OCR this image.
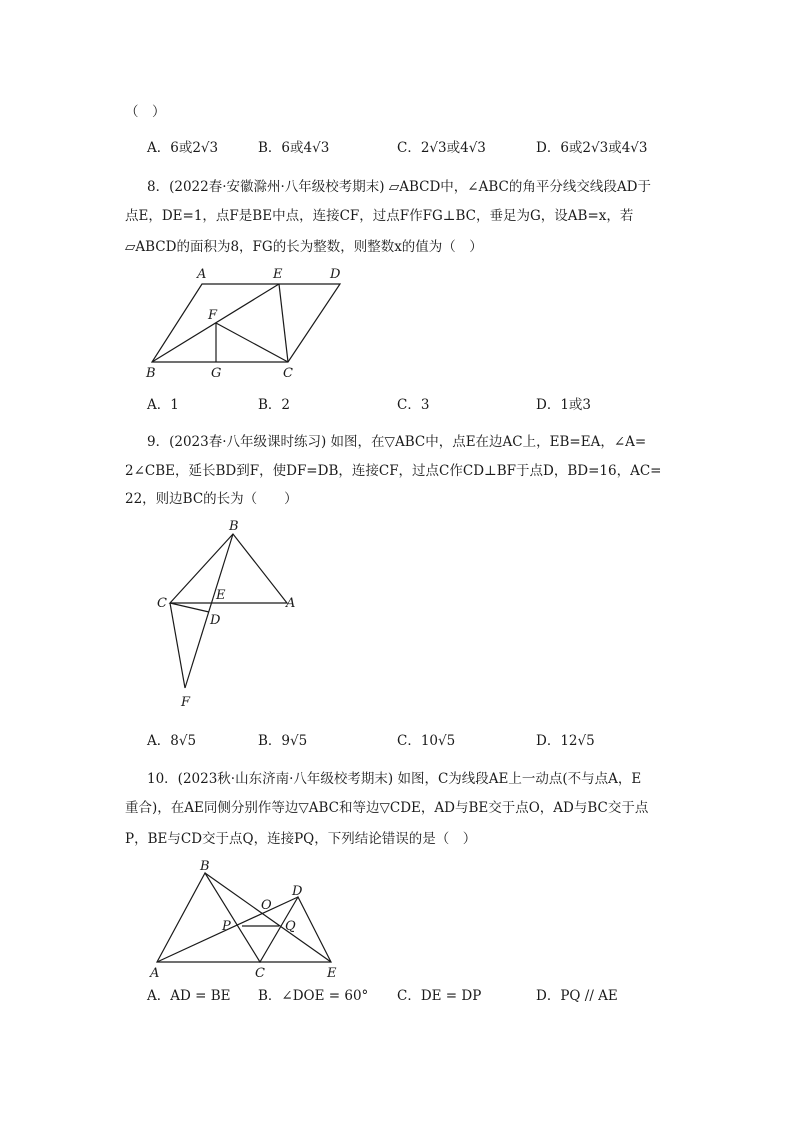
（　）
A．6或2√3	B．6或4√3	C．2√3或4√3	D．6或2√3或4√3
8．(2022春·安徽滁州·八年级校考期末) ▱ABCD中，∠ABC的角平分线交线段AD于
点E，DE=1，点F是BE中点，连接CF，过点F作FG⊥BC，垂足为G，设AB=x，若
▱ABCD的面积为8，FG的长为整数，则整数x的值为（　）
A	E	D
F
B	G	C
A．1	B．2	C．3	D．1或3
9．(2023春·八年级课时练习) 如图，在▽ABC中，点E在边AC上，EB=EA，∠A=
2∠CBE，延长BD到F，使DF=DB，连接CF，过点C作CD⊥BF于点D，BD=16，AC=
22，则边BC的长为（　　）
B
C
E
A
D
F
A．8√5	B．9√5	C．10√5	D．12√5
10．(2023秋·山东济南·八年级校考期末) 如图，C为线段AE上一动点(不与点A，E
重合)，在AE同侧分别作等边▽ABC和等边▽CDE，AD与BE交于点O，AD与BC交于点
P，BE与CD交于点Q，连接PQ，下列结论错误的是（　）
B
D
O
P	Q
A	C	E
A．AD = BE B．∠DOE = 60° C．DE = DP	D．PQ // AE
